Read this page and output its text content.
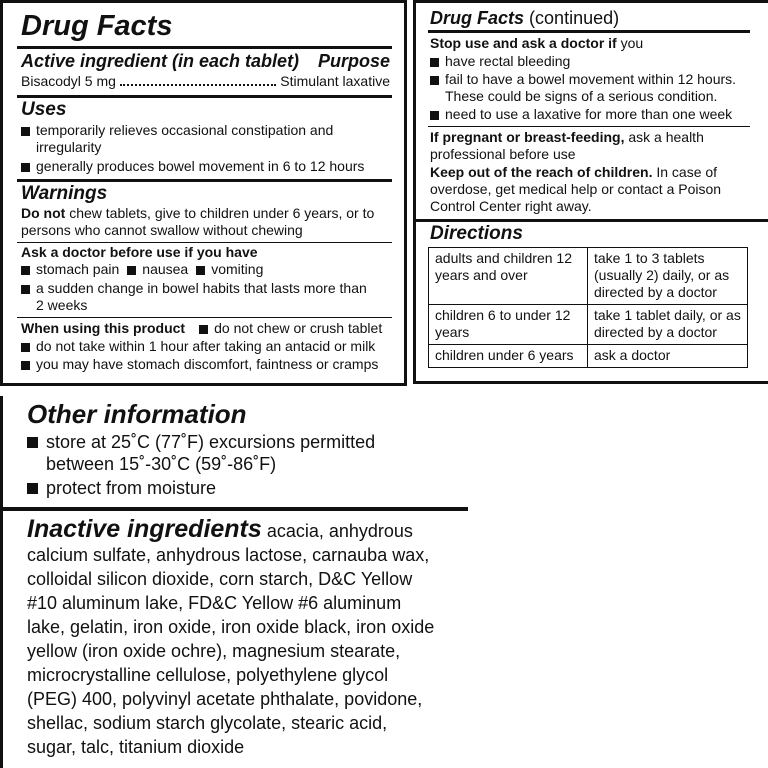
Drug Facts
Active ingredient (in each tablet) Purpose
Bisacodyl 5 mg	Stimulant laxative
Uses
temporarily relieves occasional constipation and irregularity
generally produces bowel movement in 6 to 12 hours
Warnings
Do not chew tablets, give to children under 6 years, or to persons who cannot swallow without chewing
Ask a doctor before use if you have
stomach pain nausea vomiting
a sudden change in bowel habits that lasts more than 2 weeks
When using this product do not chew or crush tablet
do not take within 1 hour after taking an antacid or milk
you may have stomach discomfort, faintness or cramps
Drug Facts (continued)
Stop use and ask a doctor if you
have rectal bleeding
fail to have a bowel movement within 12 hours. These could be signs of a serious condition.
need to use a laxative for more than one week
If pregnant or breast-feeding, ask a health professional before use
Keep out of the reach of children. In case of overdose, get medical help or contact a Poison Control Center right away.
Directions
adults and children 12 years and over	take 1 to 3 tablets (usually 2) daily, or as directed by a doctor
children 6 to under 12 years	take 1 tablet daily, or as directed by a doctor
children under 6 years	ask a doctor
Other information
store at 25˚C (77˚F) excursions permitted between 15˚-30˚C (59˚-86˚F)
protect from moisture
Inactive ingredients acacia, anhydrous calcium sulfate, anhydrous lactose, carnauba wax, colloidal silicon dioxide, corn starch, D&C Yellow #10 aluminum lake, FD&C Yellow #6 aluminum lake, gelatin, iron oxide, iron oxide black, iron oxide yellow (iron oxide ochre), magnesium stearate, microcrystalline cellulose, polyethylene glycol (PEG) 400, polyvinyl acetate phthalate, povidone, shellac, sodium starch glycolate, stearic acid, sugar, talc, titanium dioxide
